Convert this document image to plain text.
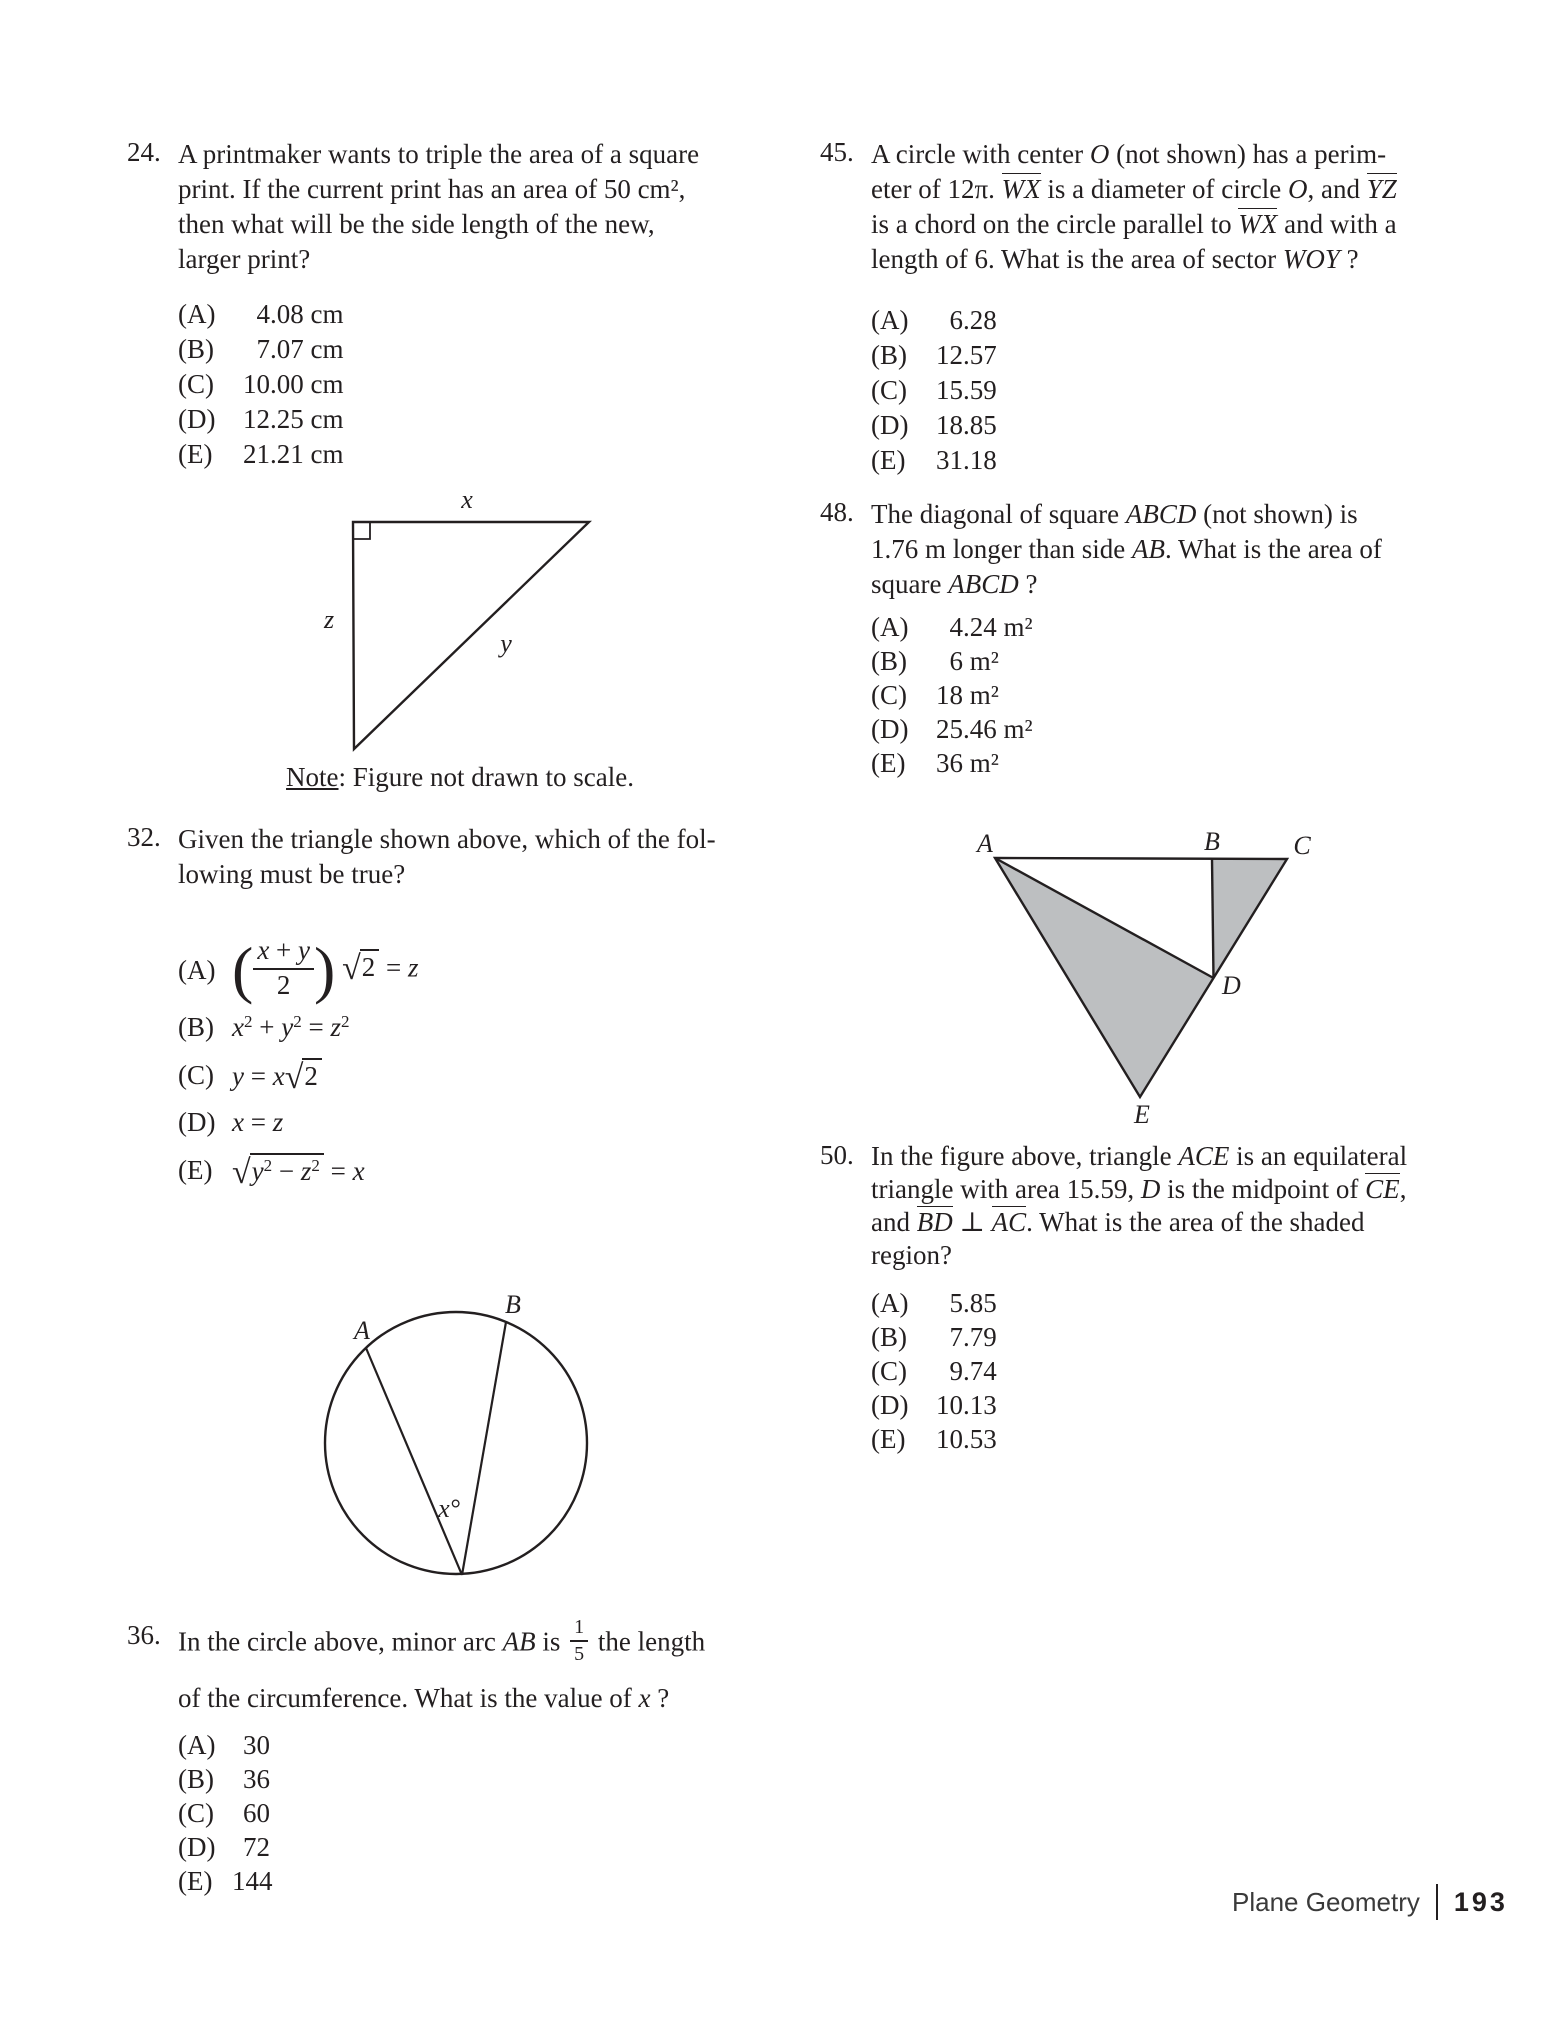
24. A printmaker wants to triple the area of a square
print. If the current print has an area of 50 cm²,
then what will be the side length of the new,
larger print?
(A)	4.08 cm
(B)	7.07 cm
(C)	10.00 cm
(D)	12.25 cm
(E)	21.21 cm
x
z
y
Note: Figure not drawn to scale.
32. Given the triangle shown above, which of the fol-
lowing must be true?
(A) ( $\frac{x + y}{2}$ ) √2 = z
(B) $x^2 + y^2 = z^2$
(C) y = x√2
(D) x = z
(E) $√y^2 - z^2 = x$
A
B
x°
36. In the circle above, minor arc AB is $\frac{1}{5}$ the length
of the circumference. What is the value of x ?
(A)	30
(B)	36
(C)	60
(D)	72
(E) 144
45. A circle with center O (not shown) has a perim-
eter of 12π. WX is a diameter of circle O, and YZ
is a chord on the circle parallel to WX and with a
length of 6. What is the area of sector WOY ?
(A)	6.28
(B)	12.57
(C)	15.59
(D)	18.85
(E)	31.18
48. The diagonal of square ABCD (not shown) is
1.76 m longer than side AB. What is the area of
square ABCD ?
(A)	4.24 m²
(B)	6 m²
(C)	18 m²
(D)	25.46 m²
(E)	36 m²
A	B	C
D
E
50. In the figure above, triangle ACE is an equilateral
triangle with area 15.59, D is the midpoint of CE,
and BD ⊥ AC. What is the area of the shaded
region?
(A)	5.85
(B)	7.79
(C)	9.74
(D)	10.13
(E)	10.53
Plane Geometry 193
